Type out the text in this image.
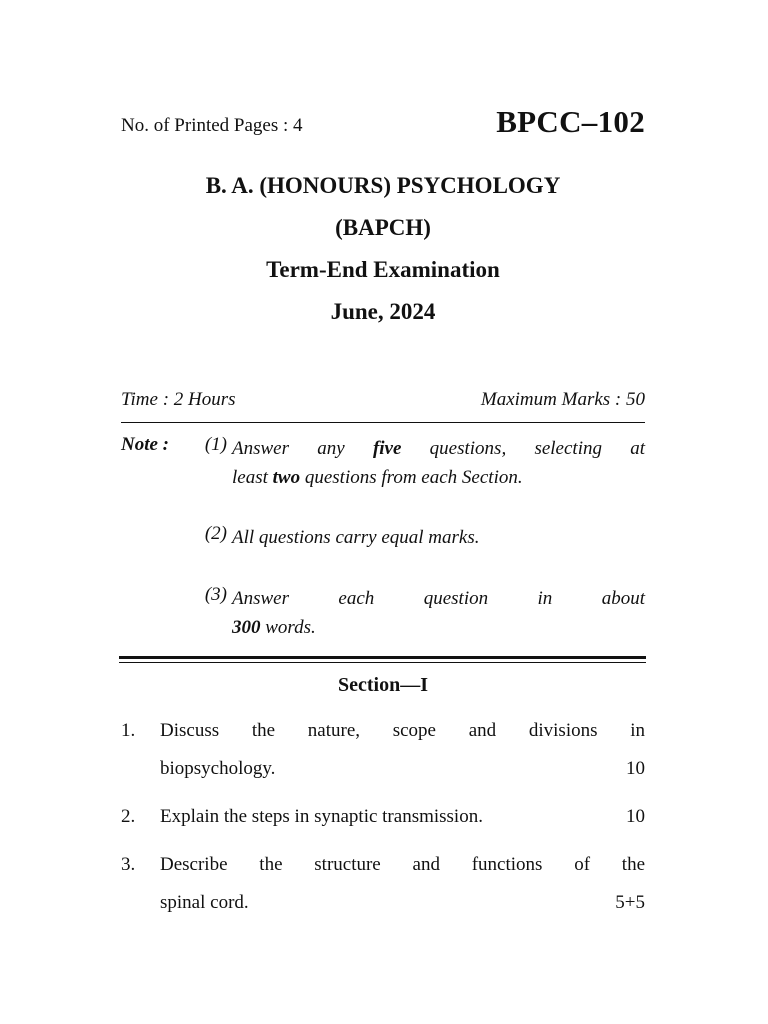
No. of Printed Pages : 4	BPCC–102
B. A. (HONOURS) PSYCHOLOGY
(BAPCH)
Term-End Examination
June, 2024
Time : 2 Hours	Maximum Marks : 50
Note :	(1) Answer any five questions, selecting at
least two questions from each Section.
(2) All questions carry equal marks.
(3) Answer each question in about
300 words.
Section—I
1. Discuss the nature, scope and divisions in
biopsychology.	10
2. Explain the steps in synaptic transmission.	10
3. Describe the structure and functions of the
spinal cord.	5+5
